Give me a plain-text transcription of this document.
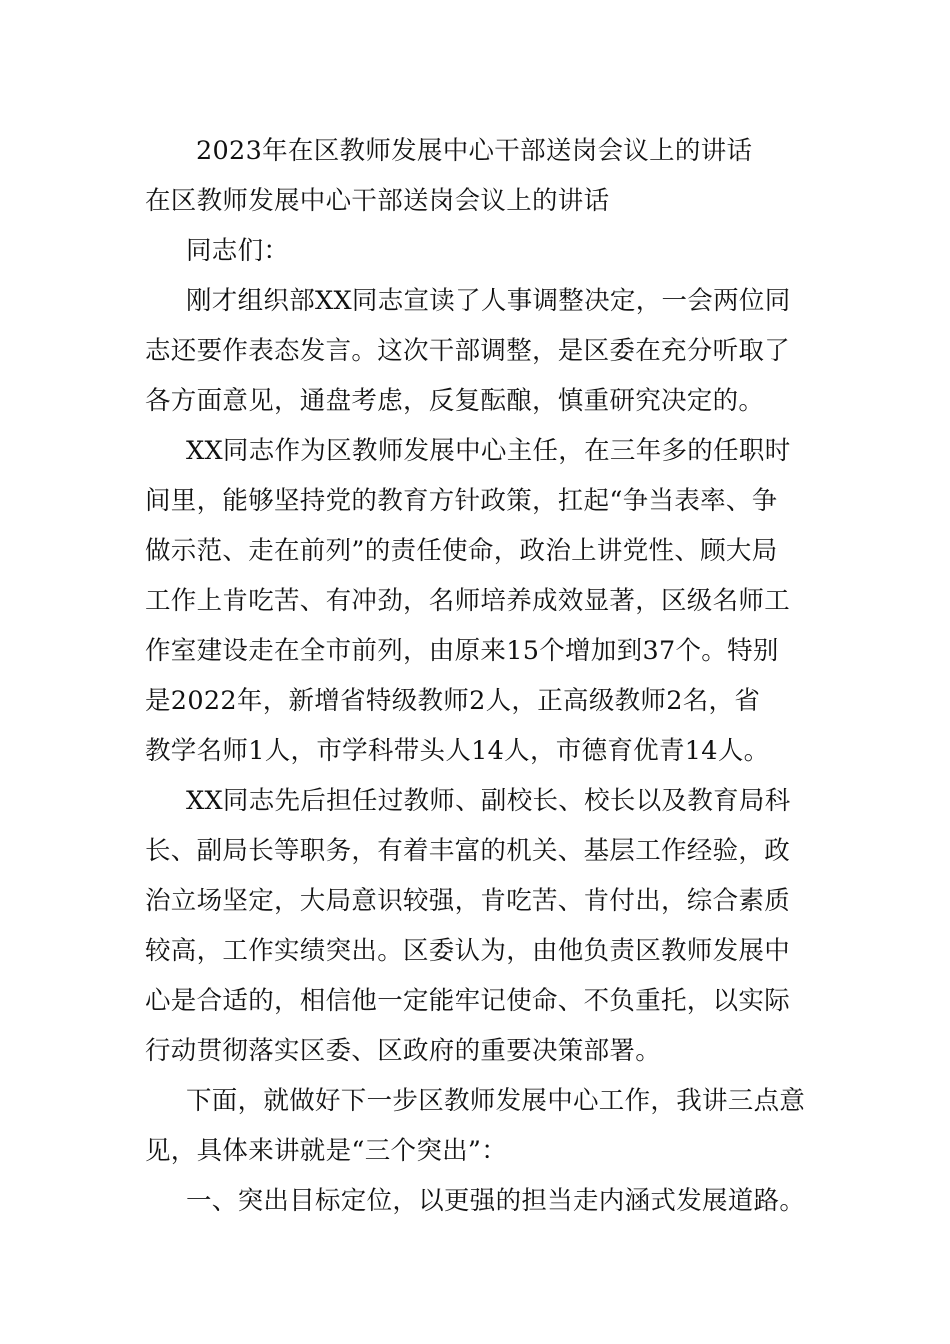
2023年在区教师发展中心干部送岗会议上的讲话
在区教师发展中心干部送岗会议上的讲话
同志们：
刚才组织部XX同志宣读了人事调整决定，一会两位同
志还要作表态发言。这次干部调整，是区委在充分听取了
各方面意见，通盘考虑，反复酝酿，慎重研究决定的。
XX同志作为区教师发展中心主任，在三年多的任职时
间里，能够坚持党的教育方针政策，扛起“争当表率、争
做示范、走在前列”的责任使命，政治上讲党性、顾大局
工作上肯吃苦、有冲劲，名师培养成效显著，区级名师工
作室建设走在全市前列，由原来15个增加到37个。特别
是2022年，新增省特级教师2人，正高级教师2名，省
教学名师1人，市学科带头人14人，市德育优青14人。
XX同志先后担任过教师、副校长、校长以及教育局科
长、副局长等职务，有着丰富的机关、基层工作经验，政
治立场坚定，大局意识较强，肯吃苦、肯付出，综合素质
较高，工作实绩突出。区委认为，由他负责区教师发展中
心是合适的，相信他一定能牢记使命、不负重托，以实际
行动贯彻落实区委、区政府的重要决策部署。
下面，就做好下一步区教师发展中心工作，我讲三点意
见，具体来讲就是“三个突出”：
一、突出目标定位，以更强的担当走内涵式发展道路。
